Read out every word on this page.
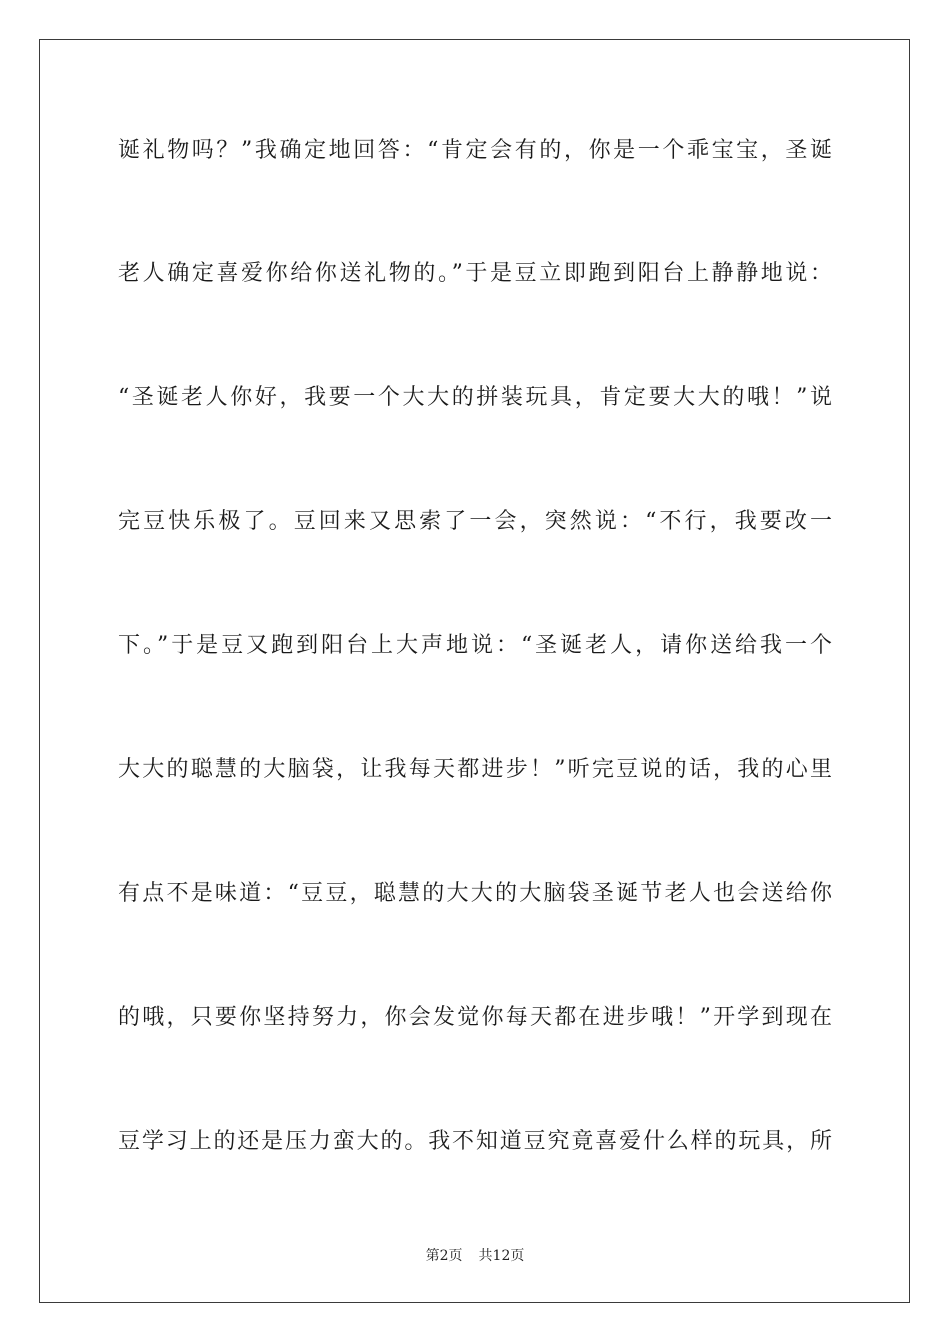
诞礼物吗？”我确定地回答：“肯定会有的，你是一个乖宝宝，圣诞
老人确定喜爱你给你送礼物的。”于是豆立即跑到阳台上静静地说：
“圣诞老人你好，我要一个大大的拼装玩具，肯定要大大的哦！”说
完豆快乐极了。豆回来又思索了一会，突然说：“不行，我要改一
下。”于是豆又跑到阳台上大声地说：“圣诞老人，请你送给我一个
大大的聪慧的大脑袋，让我每天都进步！”听完豆说的话，我的心里
有点不是味道：“豆豆，聪慧的大大的大脑袋圣诞节老人也会送给你
的哦，只要你坚持努力，你会发觉你每天都在进步哦！”开学到现在
豆学习上的还是压力蛮大的。我不知道豆究竟喜爱什么样的玩具，所
第2页 共12页
